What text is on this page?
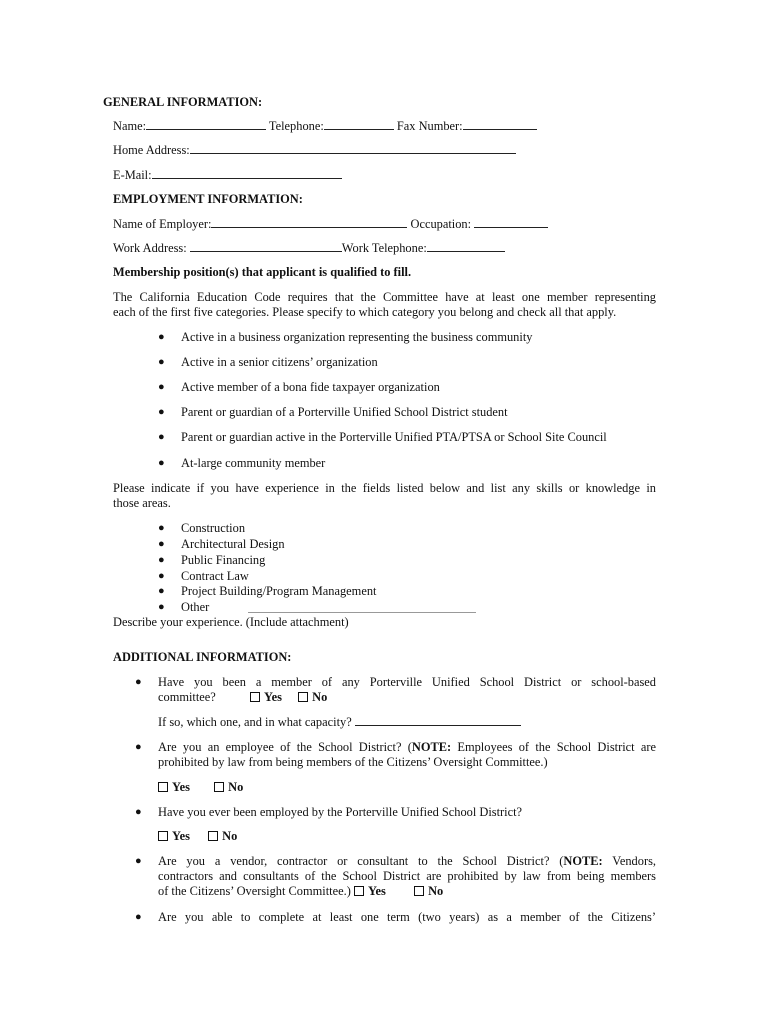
GENERAL INFORMATION:
Name:	Telephone:	Fax Number:
Home Address:
E-Mail:
EMPLOYMENT INFORMATION:
Name of Employer:	Occupation:
Work Address:	Work Telephone:
Membership position(s) that applicant is qualified to fill.
The California Education Code requires that the Committee have at least one member representing
each of the first five categories. Please specify to which category you belong and check all that apply.
● Active in a business organization representing the business community
● Active in a senior citizens’ organization
● Active member of a bona fide taxpayer organization
● Parent or guardian of a Porterville Unified School District student
● Parent or guardian active in the Porterville Unified PTA/PTSA or School Site Council
● At-large community member
Please indicate if you have experience in the fields listed below and list any skills or knowledge in
those areas.
● Construction
● Architectural Design
● Public Financing
● Contract Law
● Project Building/Program Management
● Other
Describe your experience. (Include attachment)
ADDITIONAL INFORMATION:
● Have you been a member of any Porterville Unified School District or school-based
committee?	Yes No
If so, which one, and in what capacity?
● Are you an employee of the School District? (NOTE: Employees of the School District are
prohibited by law from being members of the Citizens’ Oversight Committee.)
Yes	No
● Have you ever been employed by the Porterville Unified School District?
Yes	No
● Are you a vendor, contractor or consultant to the School District? (NOTE: Vendors,
contractors and consultants of the School District are prohibited by law from being members
of the Citizens’ Oversight Committee.) Yes	No
● Are you able to complete at least one term (two years) as a member of the Citizens’
